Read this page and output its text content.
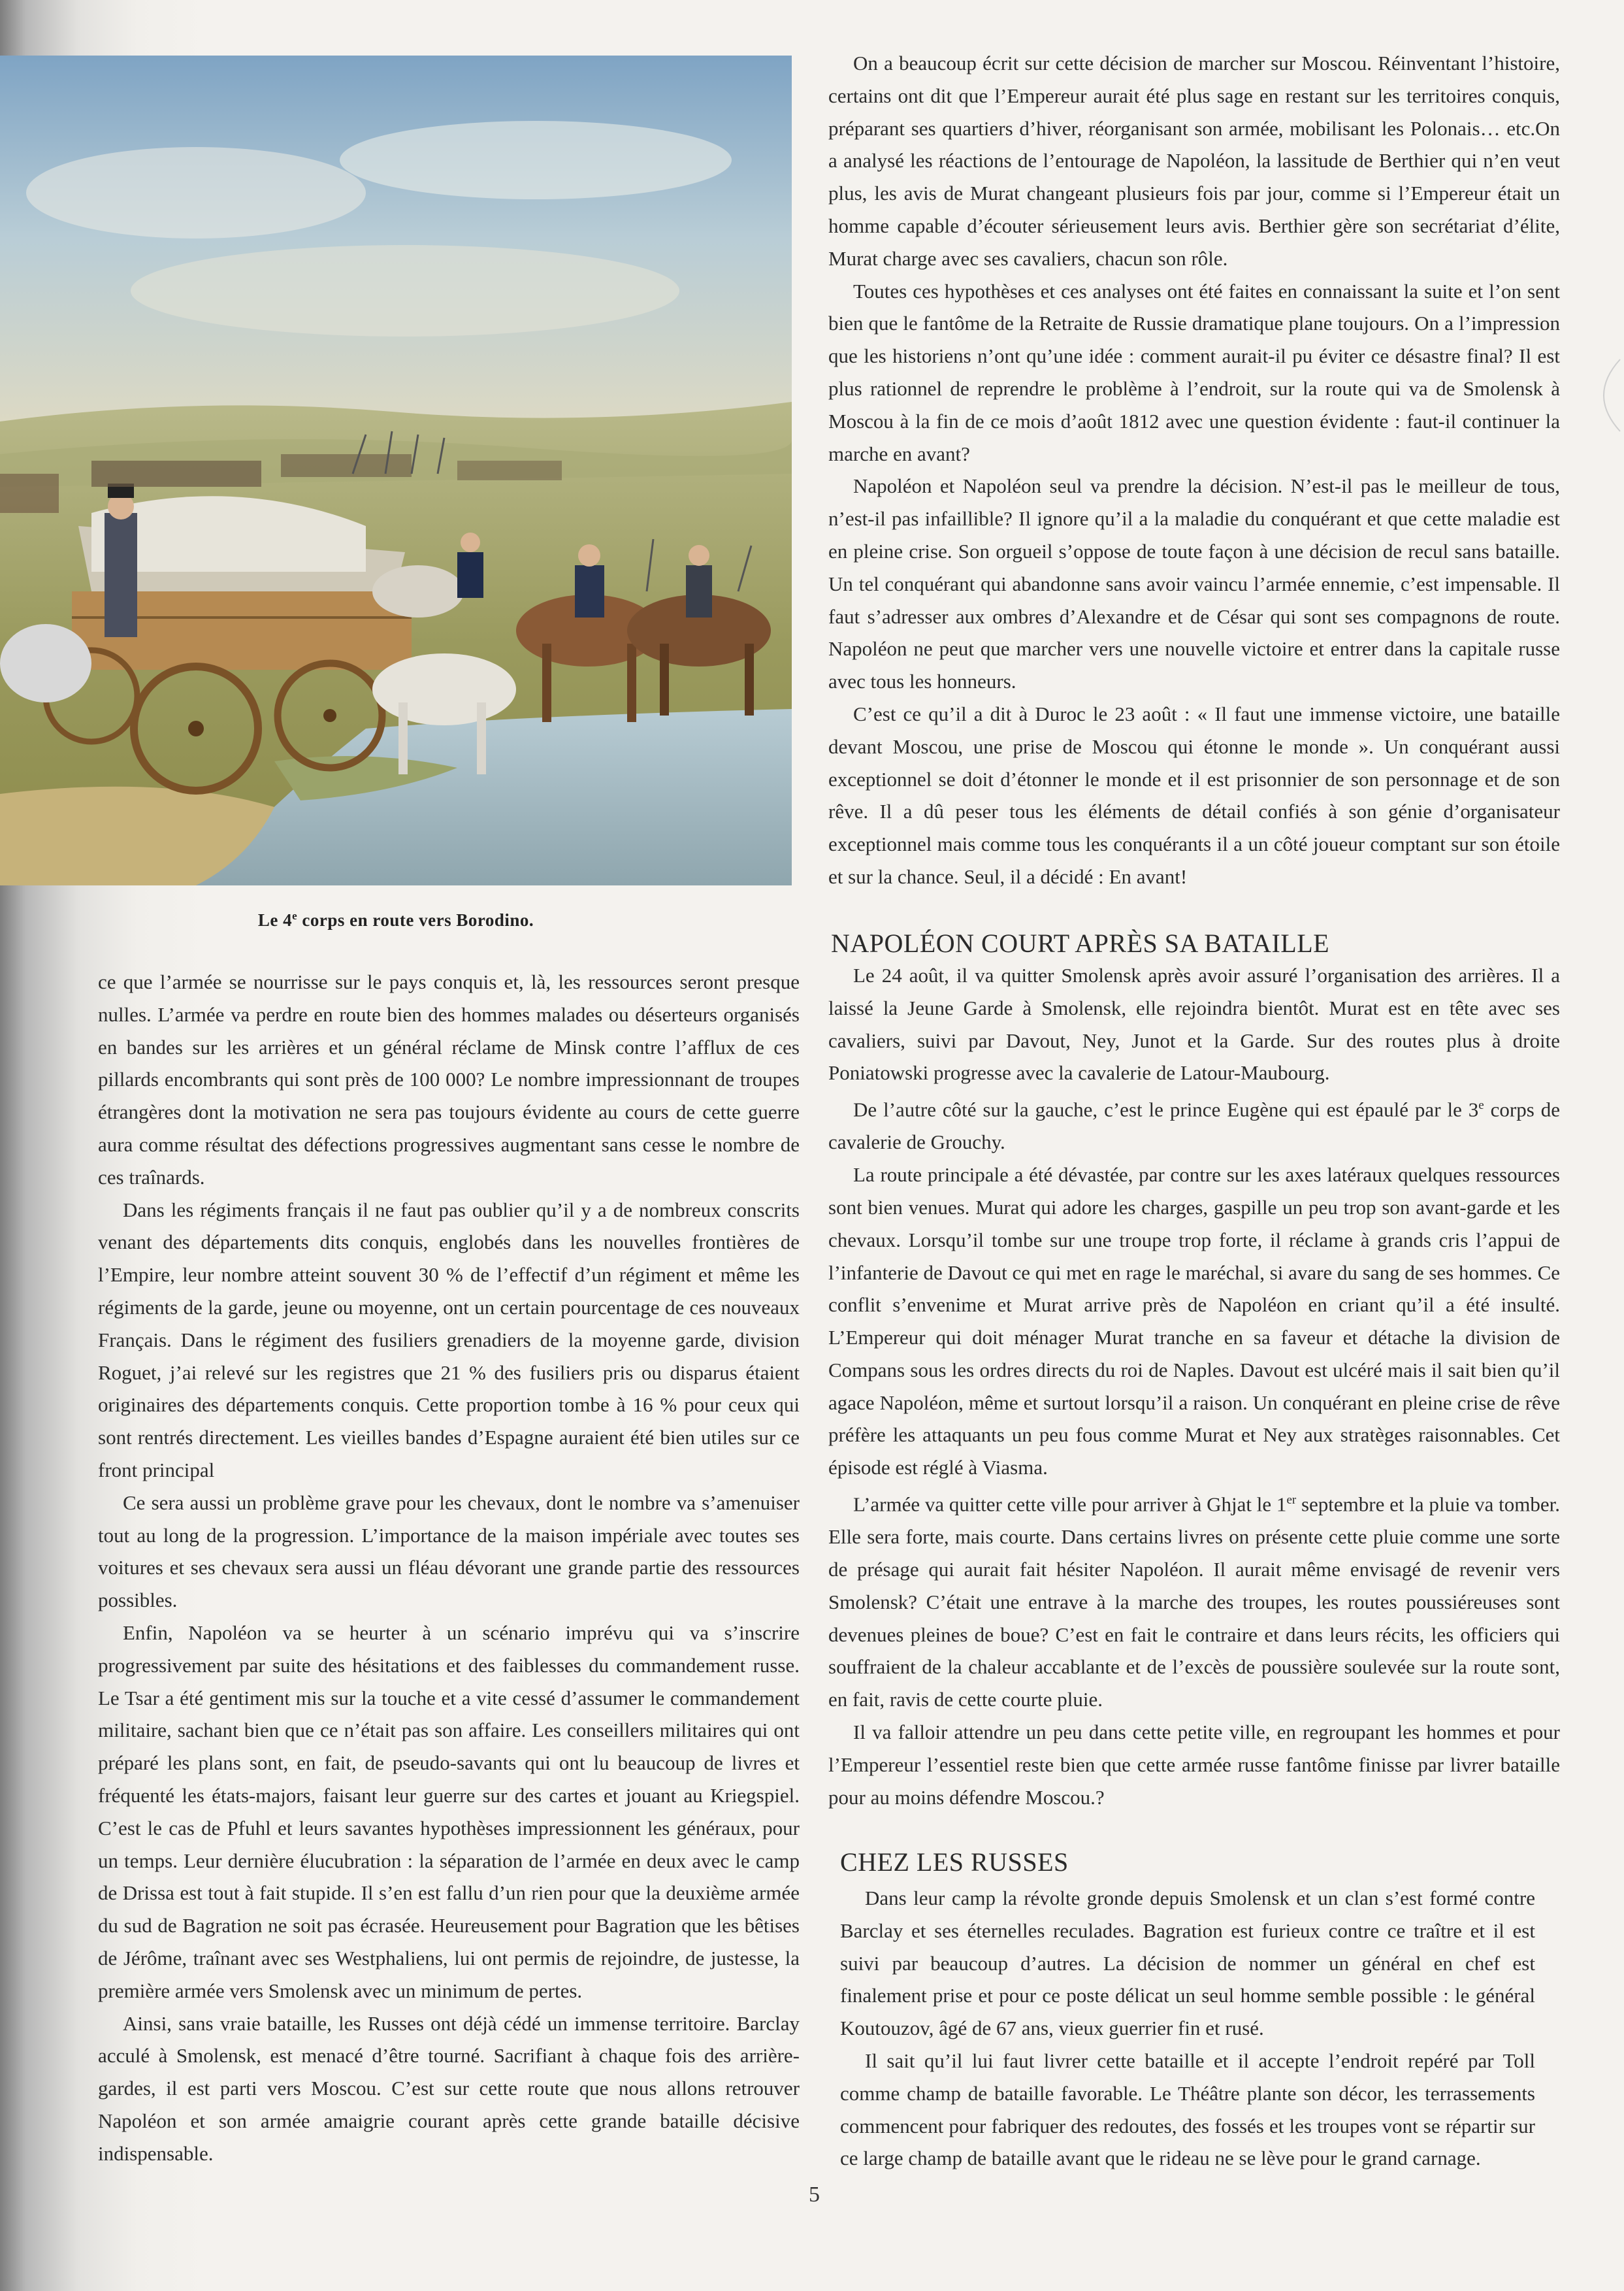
Le 4e corps en route vers Borodino.

ce que l’armée se nourrisse sur le pays conquis et, là, les ressources seront presque nulles. L’armée va perdre en route bien des hommes malades ou déserteurs organisés en bandes sur les arrières et un général réclame de Minsk contre l’afflux de ces pillards encombrants qui sont près de 100 000? Le nombre impressionnant de troupes étrangères dont la motivation ne sera pas toujours évidente au cours de cette guerre aura comme résultat des défections progressives augmentant sans cesse le nombre de ces traînards.

Dans les régiments français il ne faut pas oublier qu’il y a de nombreux conscrits venant des départements dits conquis, englobés dans les nouvelles frontières de l’Empire, leur nombre atteint souvent 30 % de l’effectif d’un régiment et même les régiments de la garde, jeune ou moyenne, ont un certain pourcentage de ces nouveaux Français. Dans le régiment des fusiliers grenadiers de la moyenne garde, division Roguet, j’ai relevé sur les registres que 21 % des fusiliers pris ou disparus étaient originaires des départements conquis. Cette proportion tombe à 16 % pour ceux qui sont rentrés directement. Les vieilles bandes d’Espagne auraient été bien utiles sur ce front principal

Ce sera aussi un problème grave pour les chevaux, dont le nombre va s’amenuiser tout au long de la progression. L’importance de la maison impériale avec toutes ses voitures et ses chevaux sera aussi un fléau dévorant une grande partie des ressources possibles.

Enfin, Napoléon va se heurter à un scénario imprévu qui va s’inscrire progressivement par suite des hésitations et des faiblesses du commandement russe. Le Tsar a été gentiment mis sur la touche et a vite cessé d’assumer le commandement militaire, sachant bien que ce n’était pas son affaire. Les conseillers militaires qui ont préparé les plans sont, en fait, de pseudo-savants qui ont lu beaucoup de livres et fréquenté les états-majors, faisant leur guerre sur des cartes et jouant au Kriegspiel. C’est le cas de Pfuhl et leurs savantes hypothèses impressionnent les généraux, pour un temps. Leur dernière élucubration : la séparation de l’armée en deux avec le camp de Drissa est tout à fait stupide. Il s’en est fallu d’un rien pour que la deuxième armée du sud de Bagration ne soit pas écrasée. Heureusement pour Bagration que les bêtises de Jérôme, traînant avec ses Westphaliens, lui ont permis de rejoindre, de justesse, la première armée vers Smolensk avec un minimum de pertes.

Ainsi, sans vraie bataille, les Russes ont déjà cédé un immense territoire. Barclay acculé à Smolensk, est menacé d’être tourné. Sacrifiant à chaque fois des arrière-gardes, il est parti vers Moscou. C’est sur cette route que nous allons retrouver Napoléon et son armée amaigrie courant après cette grande bataille décisive indispensable.

On a beaucoup écrit sur cette décision de marcher sur Moscou. Réinventant l’histoire, certains ont dit que l’Empereur aurait été plus sage en restant sur les territoires conquis, préparant ses quartiers d’hiver, réorganisant son armée, mobilisant les Polonais… etc.On a analysé les réactions de l’entourage de Napoléon, la lassitude de Berthier qui n’en veut plus, les avis de Murat changeant plusieurs fois par jour, comme si l’Empereur était un homme capable d’écouter sérieusement leurs avis. Berthier gère son secrétariat d’élite, Murat charge avec ses cavaliers, chacun son rôle.

Toutes ces hypothèses et ces analyses ont été faites en connaissant la suite et l’on sent bien que le fantôme de la Retraite de Russie dramatique plane toujours. On a l’impression que les historiens n’ont qu’une idée : comment aurait-il pu éviter ce désastre final? Il est plus rationnel de reprendre le problème à l’endroit, sur la route qui va de Smolensk à Moscou à la fin de ce mois d’août 1812 avec une question évidente : faut-il continuer la marche en avant?

Napoléon et Napoléon seul va prendre la décision. N’est-il pas le meilleur de tous, n’est-il pas infaillible? Il ignore qu’il a la maladie du conquérant et que cette maladie est en pleine crise. Son orgueil s’oppose de toute façon à une décision de recul sans bataille. Un tel conquérant qui abandonne sans avoir vaincu l’armée ennemie, c’est impensable. Il faut s’adresser aux ombres d’Alexandre et de César qui sont ses compagnons de route. Napoléon ne peut que marcher vers une nouvelle victoire et entrer dans la capitale russe avec tous les honneurs.

C’est ce qu’il a dit à Duroc le 23 août : « Il faut une immense victoire, une bataille devant Moscou, une prise de Moscou qui étonne le monde ». Un conquérant aussi exceptionnel se doit d’étonner le monde et il est prisonnier de son personnage et de son rêve. Il a dû peser tous les éléments de détail confiés à son génie d’organisateur exceptionnel mais comme tous les conquérants il a un côté joueur comptant sur son étoile et sur la chance. Seul, il a décidé : En avant!

NAPOLÉON COURT APRÈS SA BATAILLE

Le 24 août, il va quitter Smolensk après avoir assuré l’organisation des arrières. Il a laissé la Jeune Garde à Smolensk, elle rejoindra bientôt. Murat est en tête avec ses cavaliers, suivi par Davout, Ney, Junot et la Garde. Sur des routes plus à droite Poniatowski progresse avec la cavalerie de Latour-Maubourg.

De l’autre côté sur la gauche, c’est le prince Eugène qui est épaulé par le 3e corps de cavalerie de Grouchy.

La route principale a été dévastée, par contre sur les axes latéraux quelques ressources sont bien venues. Murat qui adore les charges, gaspille un peu trop son avant-garde et les chevaux. Lorsqu’il tombe sur une troupe trop forte, il réclame à grands cris l’appui de l’infanterie de Davout ce qui met en rage le maréchal, si avare du sang de ses hommes. Ce conflit s’envenime et Murat arrive près de Napoléon en criant qu’il a été insulté. L’Empereur qui doit ménager Murat tranche en sa faveur et détache la division de Compans sous les ordres directs du roi de Naples. Davout est ulcéré mais il sait bien qu’il agace Napoléon, même et surtout lorsqu’il a raison. Un conquérant en pleine crise de rêve préfère les attaquants un peu fous comme Murat et Ney aux stratèges raisonnables. Cet épisode est réglé à Viasma.

L’armée va quitter cette ville pour arriver à Ghjat le 1er septembre et la pluie va tomber. Elle sera forte, mais courte. Dans certains livres on présente cette pluie comme une sorte de présage qui aurait fait hésiter Napoléon. Il aurait même envisagé de revenir vers Smolensk? C’était une entrave à la marche des troupes, les routes poussiéreuses sont devenues pleines de boue? C’est en fait le contraire et dans leurs récits, les officiers qui souffraient de la chaleur accablante et de l’excès de poussière soulevée sur la route sont, en fait, ravis de cette courte pluie.

Il va falloir attendre un peu dans cette petite ville, en regroupant les hommes et pour l’Empereur l’essentiel reste bien que cette armée russe fantôme finisse par livrer bataille pour au moins défendre Moscou.?

CHEZ LES RUSSES

Dans leur camp la révolte gronde depuis Smolensk et un clan s’est formé contre Barclay et ses éternelles reculades. Bagration est furieux contre ce traître et il est suivi par beaucoup d’autres. La décision de nommer un général en chef est finalement prise et pour ce poste délicat un seul homme semble possible : le général Koutouzov, âgé de 67 ans, vieux guerrier fin et rusé.

Il sait qu’il lui faut livrer cette bataille et il accepte l’endroit repéré par Toll comme champ de bataille favorable. Le Théâtre plante son décor, les terrassements commencent pour fabriquer des redoutes, des fossés et les troupes vont se répartir sur ce large champ de bataille avant que le rideau ne se lève pour le grand carnage.

5
